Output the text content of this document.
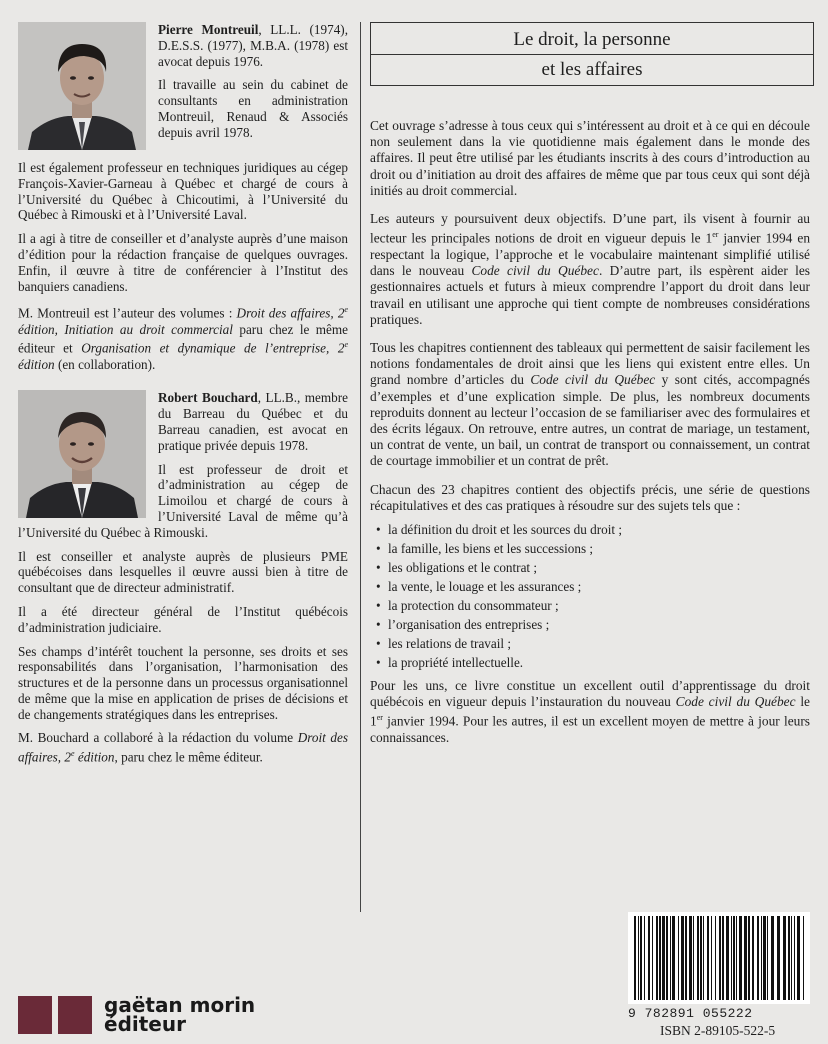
Pierre Montreuil, LL.L. (1974), D.E.S.S. (1977), M.B.A. (1978) est avocat depuis 1976.

Il travaille au sein du cabinet de consultants en administration Montreuil, Renaud & Associés depuis avril 1978.

Il est également professeur en techniques juridiques au cégep François-Xavier-Garneau à Québec et chargé de cours à l’Université du Québec à Chicoutimi, à l’Université du Québec à Rimouski et à l’Université Laval.

Il a agi à titre de conseiller et d’analyste auprès d’une maison d’édition pour la rédaction française de quelques ouvrages. Enfin, il œuvre à titre de conférencier à l’Institut des banquiers canadiens.

M. Montreuil est l’auteur des volumes : Droit des affaires, 2e édition, Initiation au droit commercial paru chez le même éditeur et Organisation et dynamique de l’entreprise, 2e édition (en collaboration).

Robert Bouchard, LL.B., membre du Barreau du Québec et du Barreau canadien, est avocat en pratique privée depuis 1978.

Il est professeur de droit et d’administration au cégep de Limoilou et chargé de cours à l’Université Laval de même qu’à l’Université du Québec à Rimouski.

Il est conseiller et analyste auprès de plusieurs PME québécoises dans lesquelles il œuvre aussi bien à titre de consultant que de directeur administratif.

Il a été directeur général de l’Institut québécois d’administration judiciaire.

Ses champs d’intérêt touchent la personne, ses droits et ses responsabilités dans l’organisation, l’harmonisation des structures et de la personne dans un processus organisationnel de même que la mise en application de prises de décisions et de changements stratégiques dans les entreprises.

M. Bouchard a collaboré à la rédaction du volume Droit des affaires, 2e édition, paru chez le même éditeur.

Le droit, la personne
et les affaires

Cet ouvrage s’adresse à tous ceux qui s’intéressent au droit et à ce qui en découle non seulement dans la vie quotidienne mais également dans le monde des affaires. Il peut être utilisé par les étudiants inscrits à des cours d’introduction au droit ou d’initiation au droit des affaires de même que par tous ceux qui sont déjà initiés au droit commercial.

Les auteurs y poursuivent deux objectifs. D’une part, ils visent à fournir au lecteur les principales notions de droit en vigueur depuis le 1er janvier 1994 en respectant la logique, l’approche et le vocabulaire maintenant simplifié utilisé dans le nouveau Code civil du Québec. D’autre part, ils espèrent aider les gestionnaires actuels et futurs à mieux comprendre l’apport du droit dans leur travail en utilisant une approche qui tient compte de nombreuses considérations pratiques.

Tous les chapitres contiennent des tableaux qui permettent de saisir facilement les notions fondamentales de droit ainsi que les liens qui existent entre elles. Un grand nombre d’articles du Code civil du Québec y sont cités, accompagnés d’exemples et d’une explication simple. De plus, les nombreux documents reproduits donnent au lecteur l’occasion de se familiariser avec des formulaires et des écrits légaux. On retrouve, entre autres, un contrat de mariage, un testament, un contrat de vente, un bail, un contrat de transport ou connaissement, un contrat de courtage immobilier et un contrat de prêt.

Chacun des 23 chapitres contient des objectifs précis, une série de questions récapitulatives et des cas pratiques à résoudre sur des sujets tels que :

• la définition du droit et les sources du droit ;
• la famille, les biens et les successions ;
• les obligations et le contrat ;
• la vente, le louage et les assurances ;
• la protection du consommateur ;
• l’organisation des entreprises ;
• les relations de travail ;
• la propriété intellectuelle.

Pour les uns, ce livre constitue un excellent outil d’apprentissage du droit québécois en vigueur depuis l’instauration du nouveau Code civil du Québec le 1er janvier 1994. Pour les autres, il est un excellent moyen de mettre à jour leurs connaissances.

9 782891 055222
ISBN 2-89105-522-5
gaëtan morin
éditeur
